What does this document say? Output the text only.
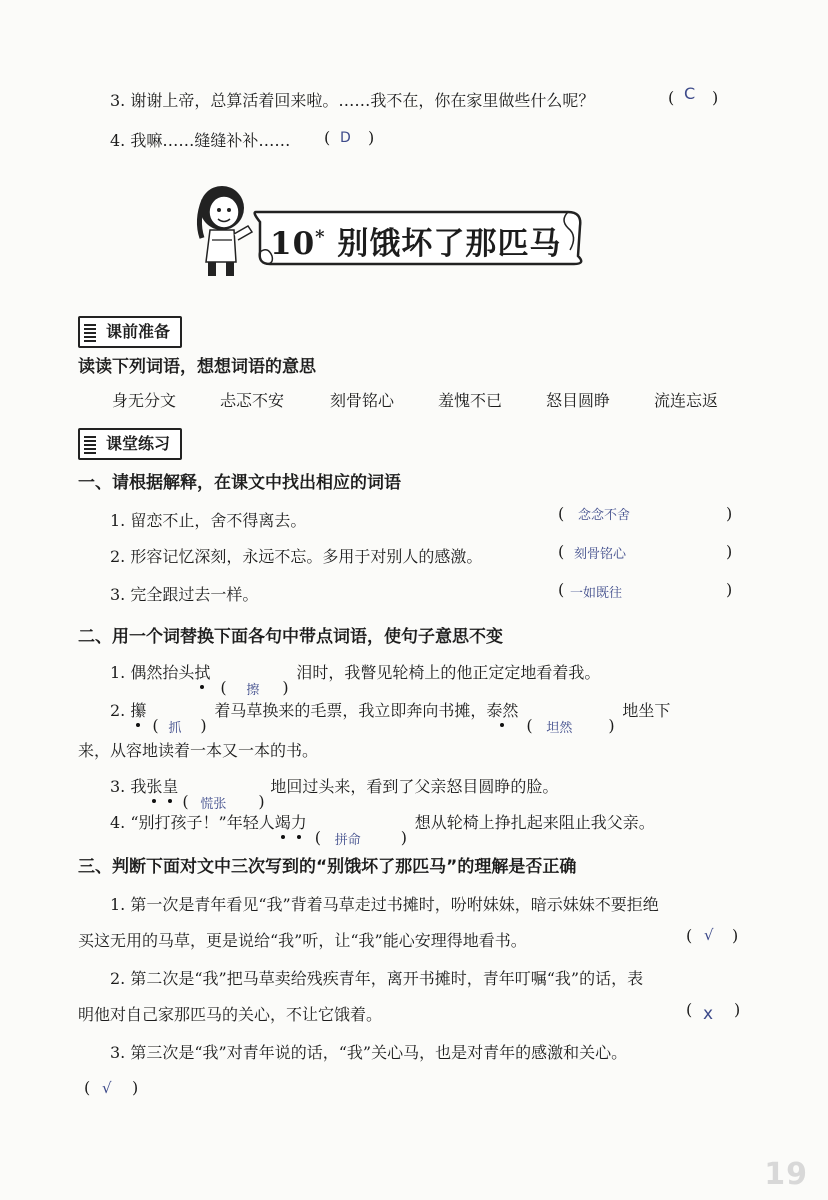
3. 谢谢上帝，总算活着回来啦。……我不在，你在家里做些什么呢？	( C )
4. 我嘛……缝缝补补…… ( D )
10* 别饿坏了那匹马
课前准备
读读下列词语，想想词语的意思
身无分文	忐忑不安	刻骨铭心	羞愧不已	怒目圆睁	流连忘返
课堂练习
一、请根据解释，在课文中找出相应的词语
1. 留恋不止，舍不得离去。	( 念念不舍	)
2. 形容记忆深刻，永远不忘。多用于对别人的感激。	( 刻骨铭心	)
3. 完全跟过去一样。	( 一如既往	)
二、用一个词替换下面各句中带点词语，使句子意思不变
1. 偶然抬头拭
( 擦 )
泪时，我瞥见轮椅上的他正定定地看着我。
2. 攥
( 抓 )
着马草换来的毛票，我立即奔向书摊，泰然
( 坦然 )
地坐下
来，从容地读着一本又一本的书。
3. 我张皇
( 慌张 )
地回过头来，看到了父亲怒目圆睁的脸。
4. “别打孩子！”年轻人竭力
( 拼命 )
想从轮椅上挣扎起来阻止我父亲。
三、判断下面对文中三次写到的“别饿坏了那匹马”的理解是否正确
1. 第一次是青年看见“我”背着马草走过书摊时，吩咐妹妹，暗示妹妹不要拒绝
买这无用的马草，更是说给“我”听，让“我”能心安理得地看书。	( √ )
2. 第二次是“我”把马草卖给残疾青年，离开书摊时，青年叮嘱“我”的话，表
明他对自己家那匹马的关心，不让它饿着。	( x )
3. 第三次是“我”对青年说的话，“我”关心马，也是对青年的感激和关心。
( √ )
19
